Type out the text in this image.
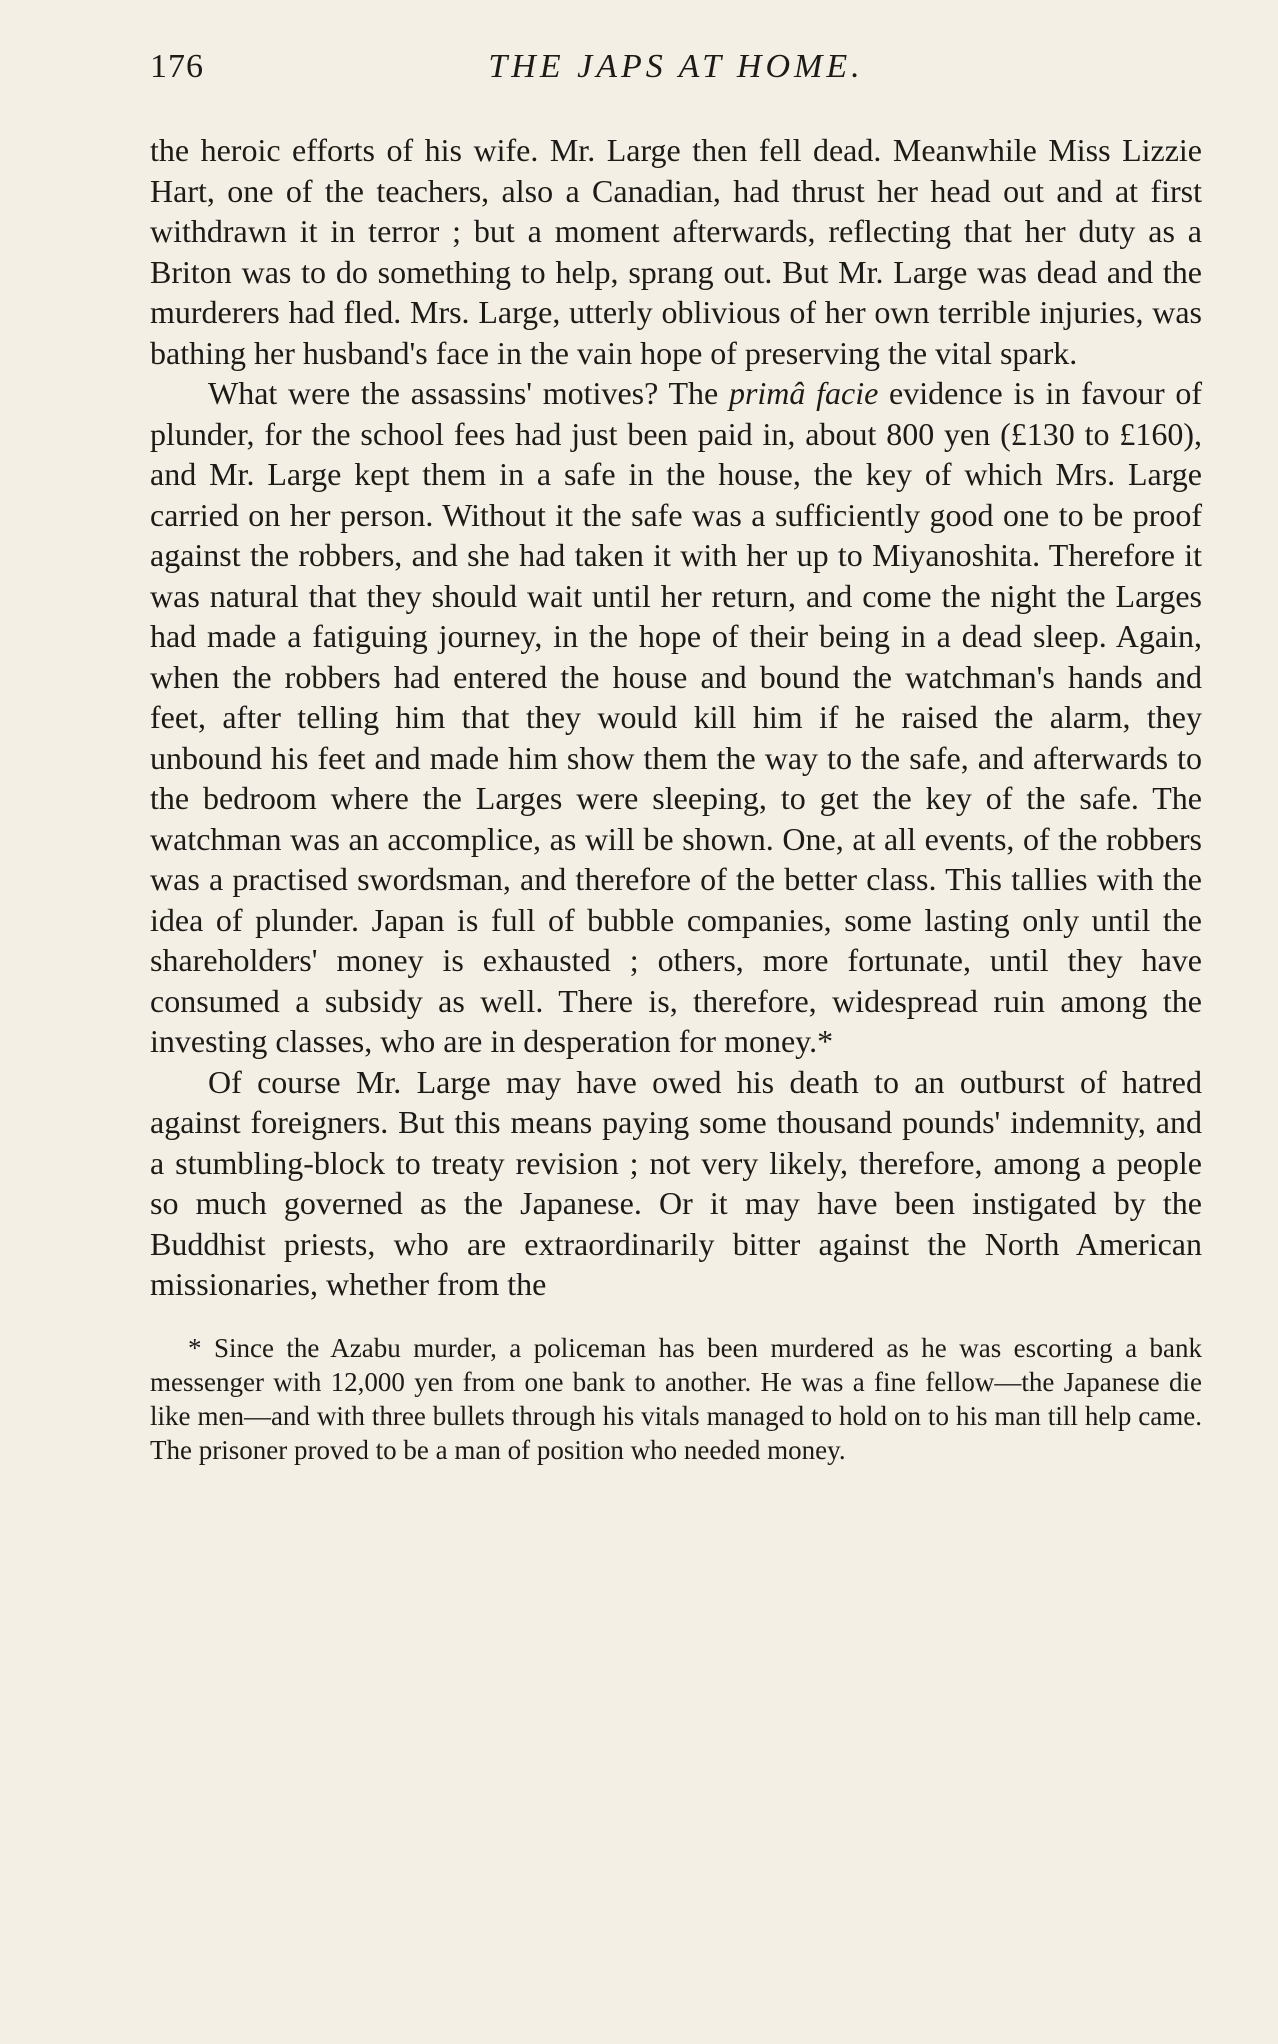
176	THE JAPS AT HOME.

the heroic efforts of his wife. Mr. Large then fell dead. Meanwhile Miss Lizzie Hart, one of the teachers, also a Canadian, had thrust her head out and at first withdrawn it in terror ; but a moment afterwards, reflecting that her duty as a Briton was to do something to help, sprang out. But Mr. Large was dead and the murderers had fled. Mrs. Large, utterly oblivious of her own terrible injuries, was bathing her husband's face in the vain hope of preserving the vital spark.

What were the assassins' motives? The primâ facie evidence is in favour of plunder, for the school fees had just been paid in, about 800 yen (£130 to £160), and Mr. Large kept them in a safe in the house, the key of which Mrs. Large carried on her person. Without it the safe was a sufficiently good one to be proof against the robbers, and she had taken it with her up to Miyanoshita. Therefore it was natural that they should wait until her return, and come the night the Larges had made a fatiguing journey, in the hope of their being in a dead sleep. Again, when the robbers had entered the house and bound the watchman's hands and feet, after telling him that they would kill him if he raised the alarm, they unbound his feet and made him show them the way to the safe, and afterwards to the bedroom where the Larges were sleeping, to get the key of the safe. The watchman was an accomplice, as will be shown. One, at all events, of the robbers was a practised swordsman, and therefore of the better class. This tallies with the idea of plunder. Japan is full of bubble companies, some lasting only until the shareholders' money is exhausted ; others, more fortunate, until they have consumed a subsidy as well. There is, therefore, widespread ruin among the investing classes, who are in desperation for money.*

Of course Mr. Large may have owed his death to an outburst of hatred against foreigners. But this means paying some thousand pounds' indemnity, and a stumbling-block to treaty revision ; not very likely, therefore, among a people so much governed as the Japanese. Or it may have been instigated by the Buddhist priests, who are extraordinarily bitter against the North American missionaries, whether from the

* Since the Azabu murder, a policeman has been murdered as he was escorting a bank messenger with 12,000 yen from one bank to another. He was a fine fellow—the Japanese die like men—and with three bullets through his vitals managed to hold on to his man till help came. The prisoner proved to be a man of position who needed money.
